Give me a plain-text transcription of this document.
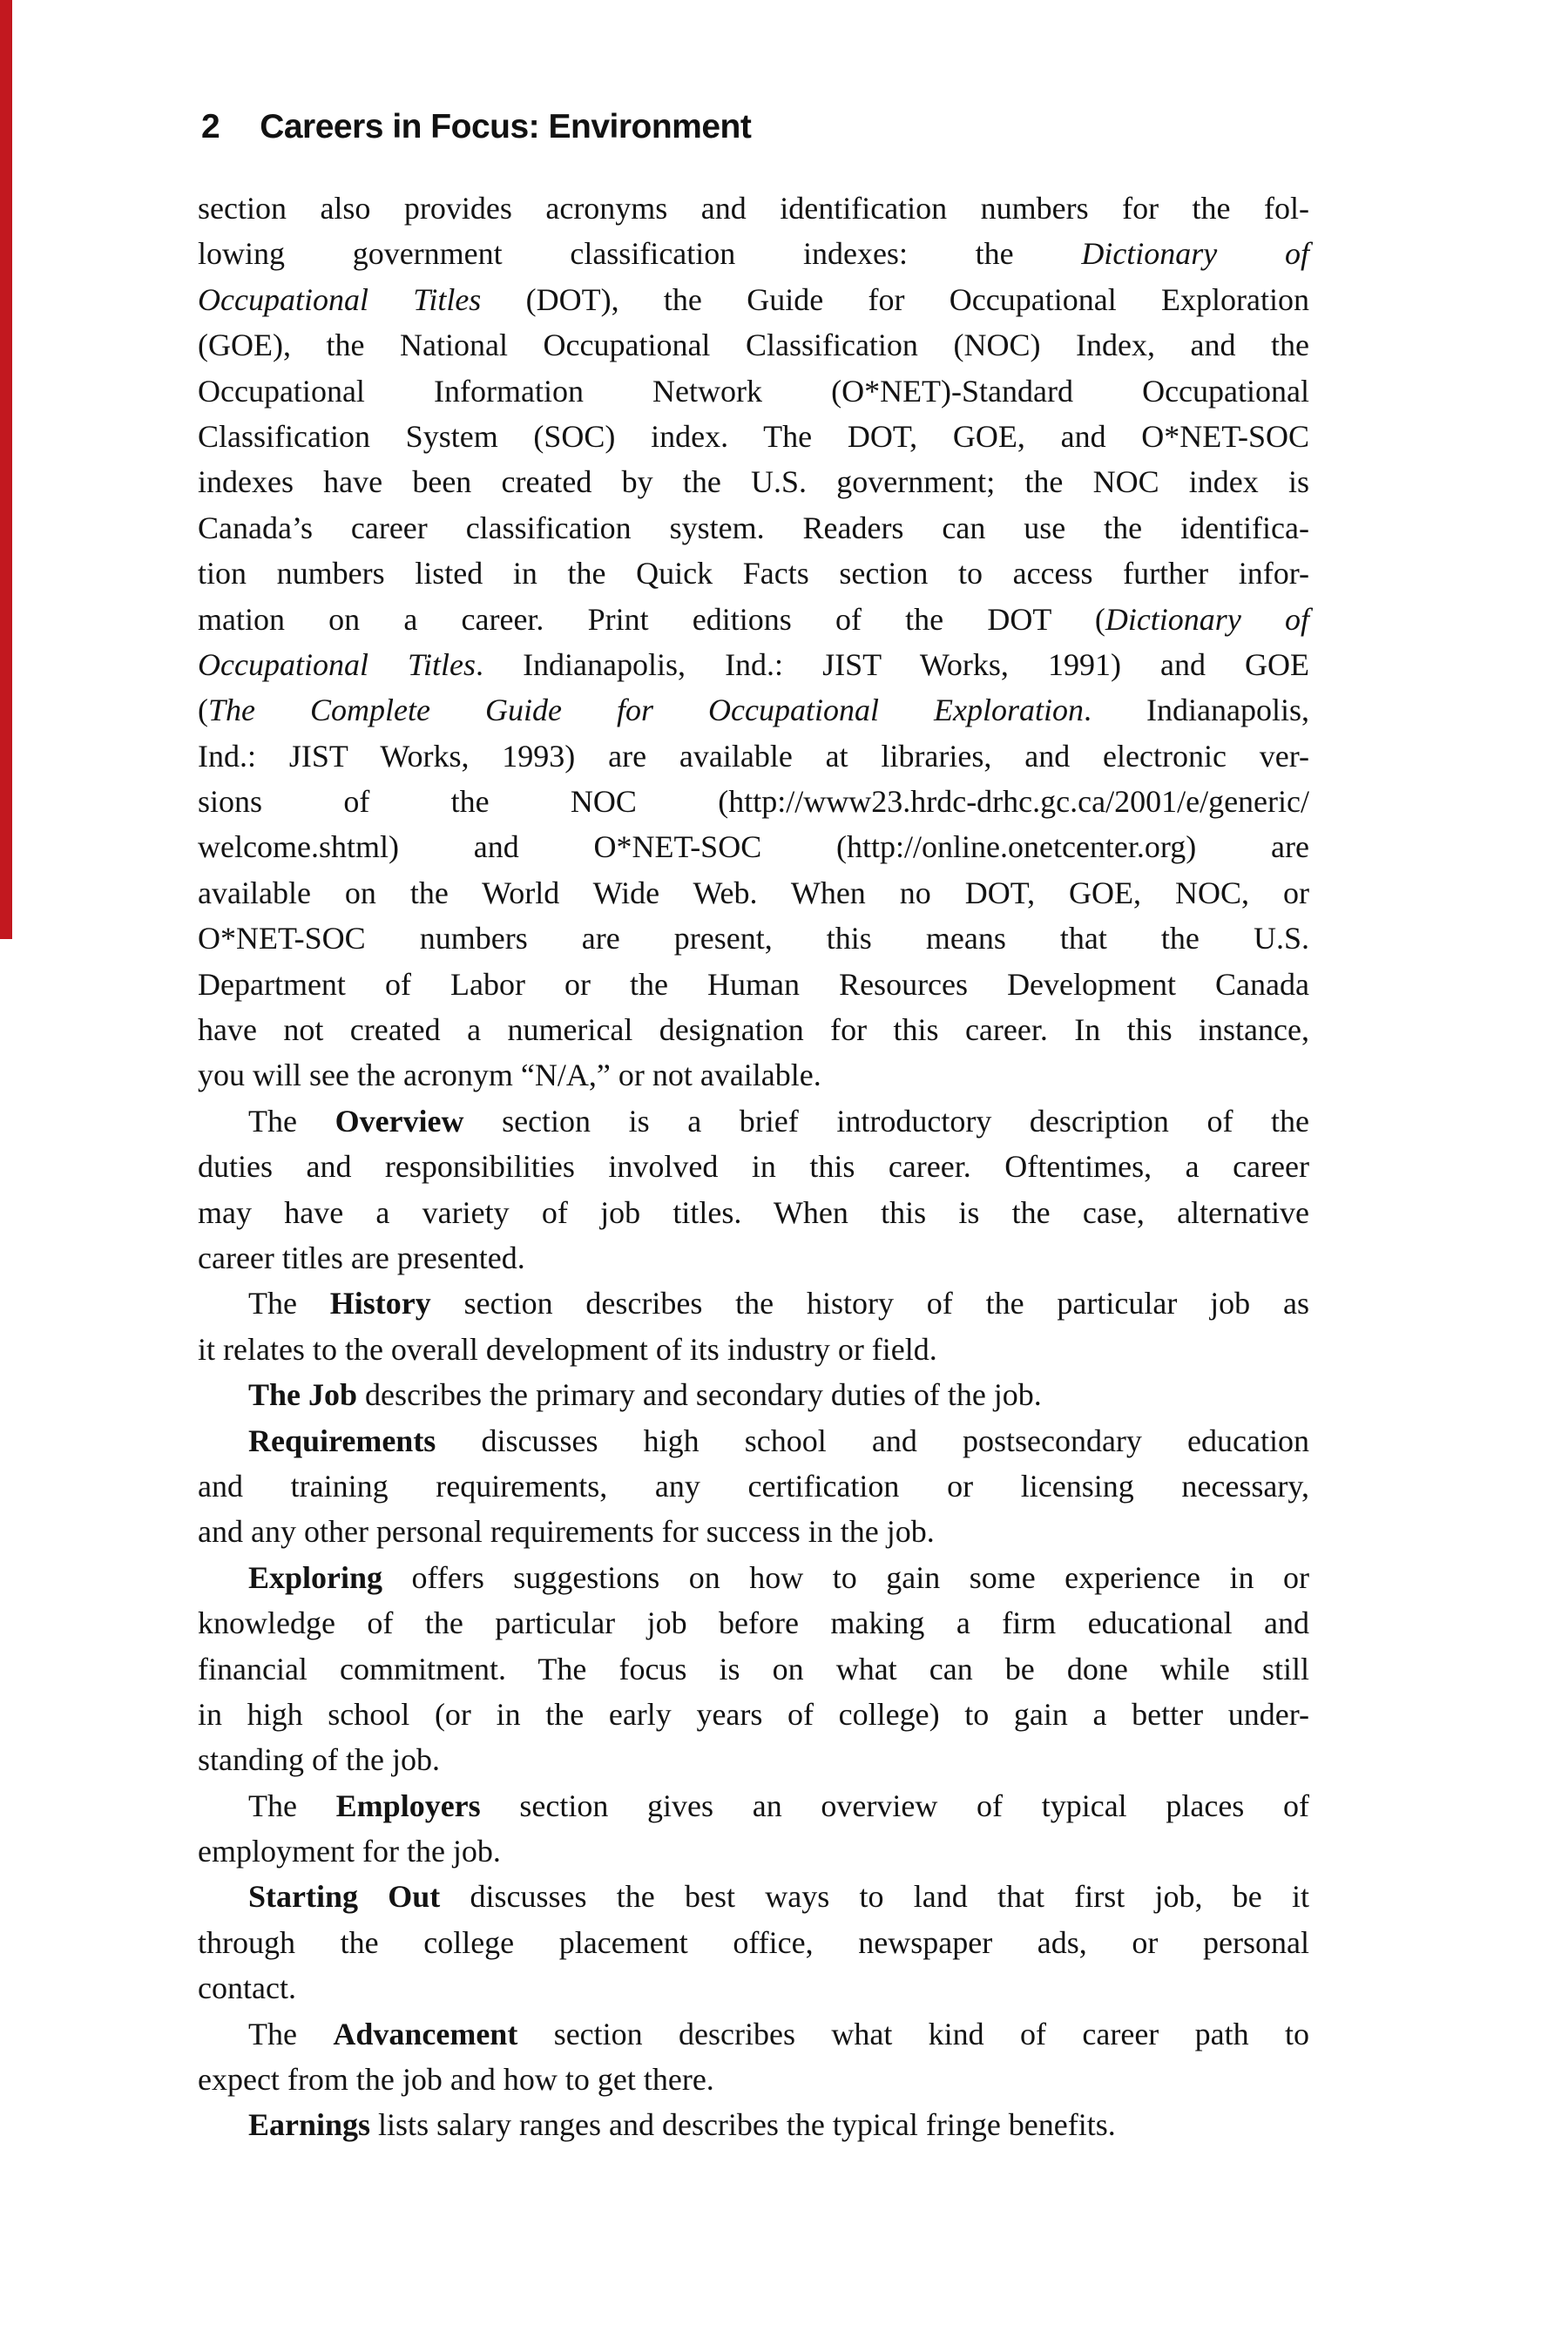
2 Careers in Focus: Environment
section also provides acronyms and identification numbers for the fol-
lowing government classification indexes: the Dictionary of
Occupational Titles (DOT), the Guide for Occupational Exploration
(GOE), the National Occupational Classification (NOC) Index, and the
Occupational Information Network (O*NET)-Standard Occupational
Classification System (SOC) index. The DOT, GOE, and O*NET-SOC
indexes have been created by the U.S. government; the NOC index is
Canada’s career classification system. Readers can use the identifica-
tion numbers listed in the Quick Facts section to access further infor-
mation on a career. Print editions of the DOT (Dictionary of
Occupational Titles. Indianapolis, Ind.: JIST Works, 1991) and GOE
(The Complete Guide for Occupational Exploration. Indianapolis,
Ind.: JIST Works, 1993) are available at libraries, and electronic ver-
sions of the NOC (http://www23.hrdc-drhc.gc.ca/2001/e/generic/
welcome.shtml) and O*NET-SOC (http://online.onetcenter.org) are
available on the World Wide Web. When no DOT, GOE, NOC, or
O*NET-SOC numbers are present, this means that the U.S.
Department of Labor or the Human Resources Development Canada
have not created a numerical designation for this career. In this instance,
you will see the acronym “N/A,” or not available.
The Overview section is a brief introductory description of the
duties and responsibilities involved in this career. Oftentimes, a career
may have a variety of job titles. When this is the case, alternative
career titles are presented.
The History section describes the history of the particular job as
it relates to the overall development of its industry or field.
The Job describes the primary and secondary duties of the job.
Requirements discusses high school and postsecondary education
and training requirements, any certification or licensing necessary,
and any other personal requirements for success in the job.
Exploring offers suggestions on how to gain some experience in or
knowledge of the particular job before making a firm educational and
financial commitment. The focus is on what can be done while still
in high school (or in the early years of college) to gain a better under-
standing of the job.
The Employers section gives an overview of typical places of
employment for the job.
Starting Out discusses the best ways to land that first job, be it
through the college placement office, newspaper ads, or personal
contact.
The Advancement section describes what kind of career path to
expect from the job and how to get there.
Earnings lists salary ranges and describes the typical fringe benefits.
